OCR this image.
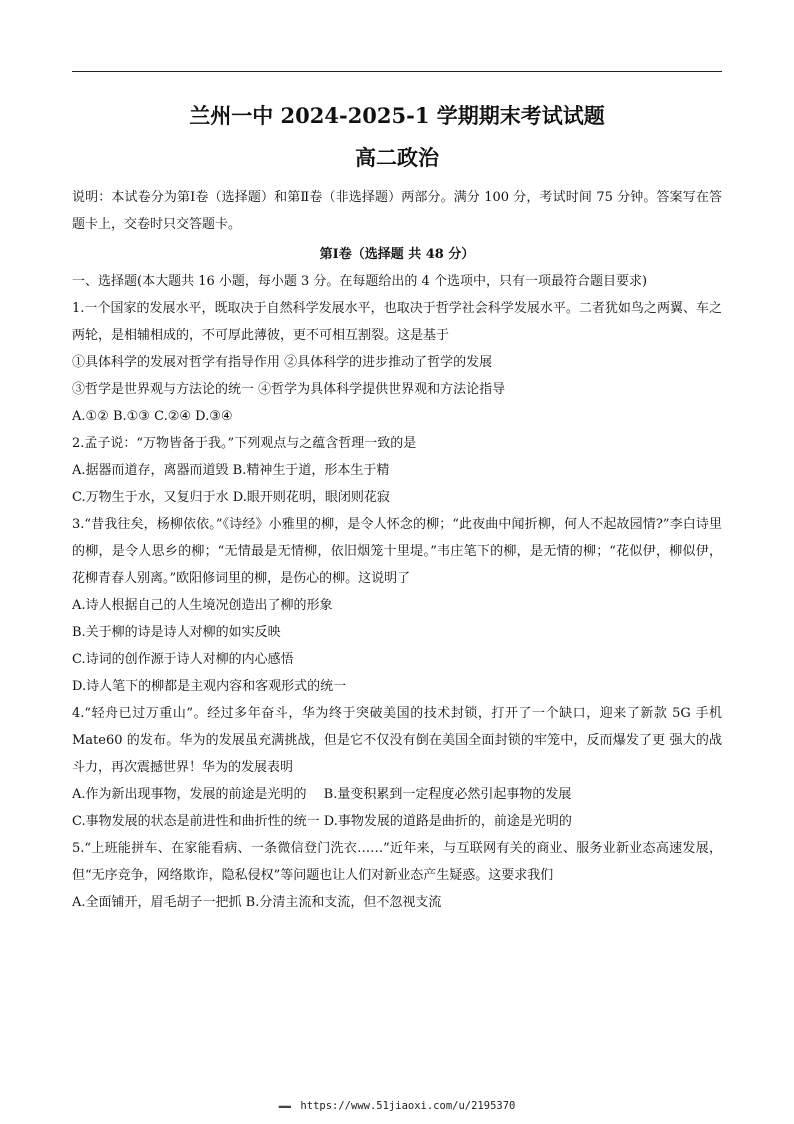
兰州一中 2024-2025-1 学期期末考试试题
高二政治

说明：本试卷分为第Ⅰ卷（选择题）和第Ⅱ卷（非选择题）两部分。满分 100 分，考试时间 75 分钟。答案写在答题卡上，交卷时只交答题卡。

第Ⅰ卷（选择题 共 48 分）

一、选择题(本大题共 16 小题，每小题 3 分。在每题给出的 4 个选项中，只有一项最符合题目要求)

1.一个国家的发展水平，既取决于自然科学发展水平，也取决于哲学社会科学发展水平。二者犹如鸟之两翼、车之两轮，是相辅相成的，不可厚此薄彼，更不可相互割裂。这是基于

①具体科学的发展对哲学有指导作用 ②具体科学的进步推动了哲学的发展

③哲学是世界观与方法论的统一 ④哲学为具体科学提供世界观和方法论指导

A.①② B.①③ C.②④ D.③④

2.孟子说：“万物皆备于我。”下列观点与之蕴含哲理一致的是

A.据器而道存，离器而道毁 B.精神生于道，形本生于精

C.万物生于水，又复归于水 D.眼开则花明，眼闭则花寂

3.“昔我往矣，杨柳依依。”《诗经》小雅里的柳，是令人怀念的柳；“此夜曲中闻折柳，何人不起故园情?”李白诗里的柳，是令人思乡的柳；“无情最是无情柳，依旧烟笼十里堤。”韦庄笔下的柳，是无情的柳；“花似伊，柳似伊，花柳青春人别离。”欧阳修词里的柳，是伤心的柳。这说明了

A.诗人根据自己的人生境况创造出了柳的形象

B.关于柳的诗是诗人对柳的如实反映

C.诗词的创作源于诗人对柳的内心感悟

D.诗人笔下的柳都是主观内容和客观形式的统一

4.“轻舟已过万重山”。经过多年奋斗，华为终于突破美国的技术封锁，打开了一个缺口，迎来了新款 5G 手机 Mate60 的发布。华为的发展虽充满挑战，但是它不仅没有倒在美国全面封锁的牢笼中，反而爆发了更 强大的战斗力，再次震撼世界！华为的发展表明

A.作为新出现事物，发展的前途是光明的　 B.量变积累到一定程度必然引起事物的发展

C.事物发展的状态是前进性和曲折性的统一 D.事物发展的道路是曲折的，前途是光明的

5.“上班能拼车、在家能看病、一条微信登门洗衣……”近年来，与互联网有关的商业、服务业新业态高速发展，但“无序竞争，网络欺诈，隐私侵权”等问题也让人们对新业态产生疑惑。这要求我们

A.全面铺开，眉毛胡子一把抓 B.分清主流和支流，但不忽视支流

▬▬▬ https://www.51jiaoxi.com/u/2195370
